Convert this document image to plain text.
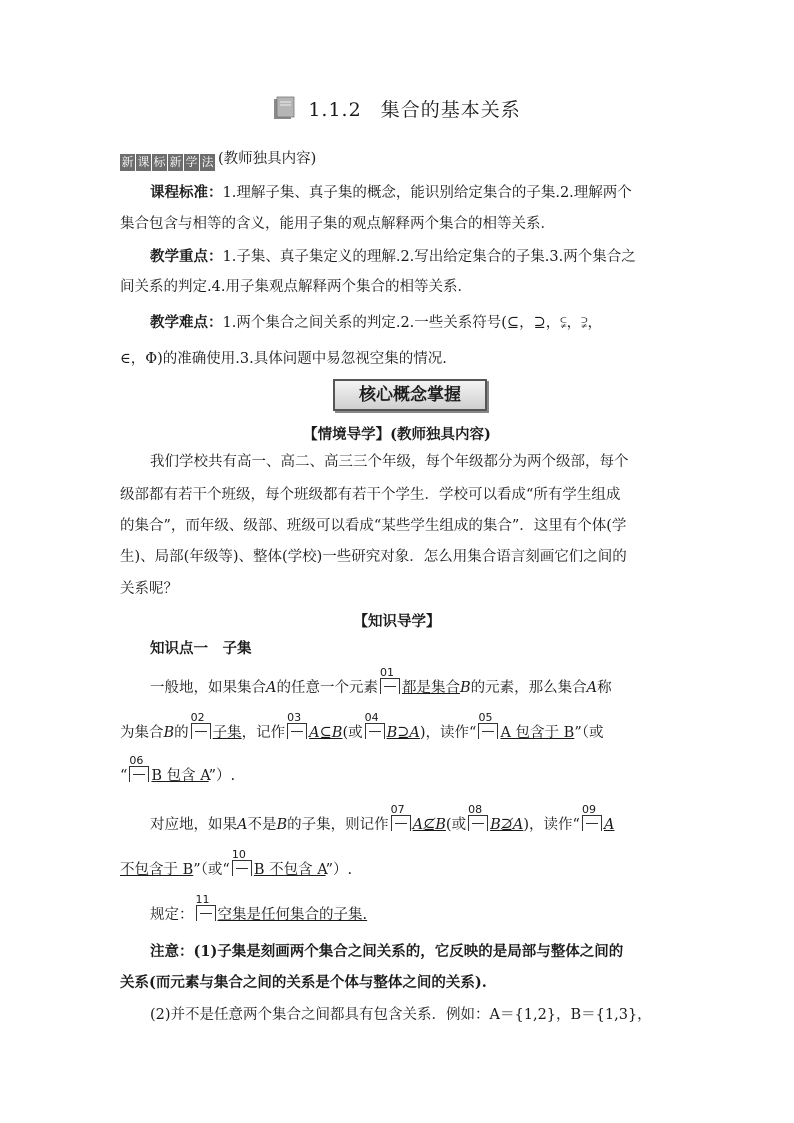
1.1.2 集合的基本关系
新 课 标 新 学 法 (教师独具内容)
课程标准：1.理解子集、真子集的概念，能识别给定集合的子集.2.理解两个
集合包含与相等的含义，能用子集的观点解释两个集合的相等关系．
教学重点：1.子集、真子集定义的理解.2.写出给定集合的子集.3.两个集合之
间关系的判定.4.用子集观点解释两个集合的相等关系．
教学难点：1.两个集合之间关系的判定.2.一些关系符号(⊆，⊇，⫋，⫌，
∈，Φ)的准确使用.3.具体问题中易忽视空集的情况.
核心概念掌握
【情境导学】(教师独具内容)
我们学校共有高一、高二、高三三个年级，每个年级都分为两个级部，每个
级部都有若干个班级，每个班级都有若干个学生．学校可以看成“所有学生组成
的集合”，而年级、级部、班级可以看成“某些学生组成的集合”．这里有个体(学
生)、局部(年级等)、整体(学校)一些研究对象．怎么用集合语言刻画它们之间的
关系呢？
【知识导学】
知识点一　子集
一般地，如果集合A的任意一个元素
01
都是集合B的元素，那么集合A称
为集合B的
02
子集，记作
03
A⊆B(或
04
B⊇A)，读作“
05
A 包含于 B”（或
“
06
B 包含 A”）.
对应地，如果A不是B的子集，则记作
07
A⊈B(或
08
B⊉A)，读作“
09
A
不包含于 B”（或“
10
B 不包含 A”）.
规定：
11
空集是任何集合的子集.
注意：(1)子集是刻画两个集合之间关系的，它反映的是局部与整体之间的
关系(而元素与集合之间的关系是个体与整体之间的关系).
(2)并不是任意两个集合之间都具有包含关系．例如：A＝{1,2}，B＝{1,3}，
